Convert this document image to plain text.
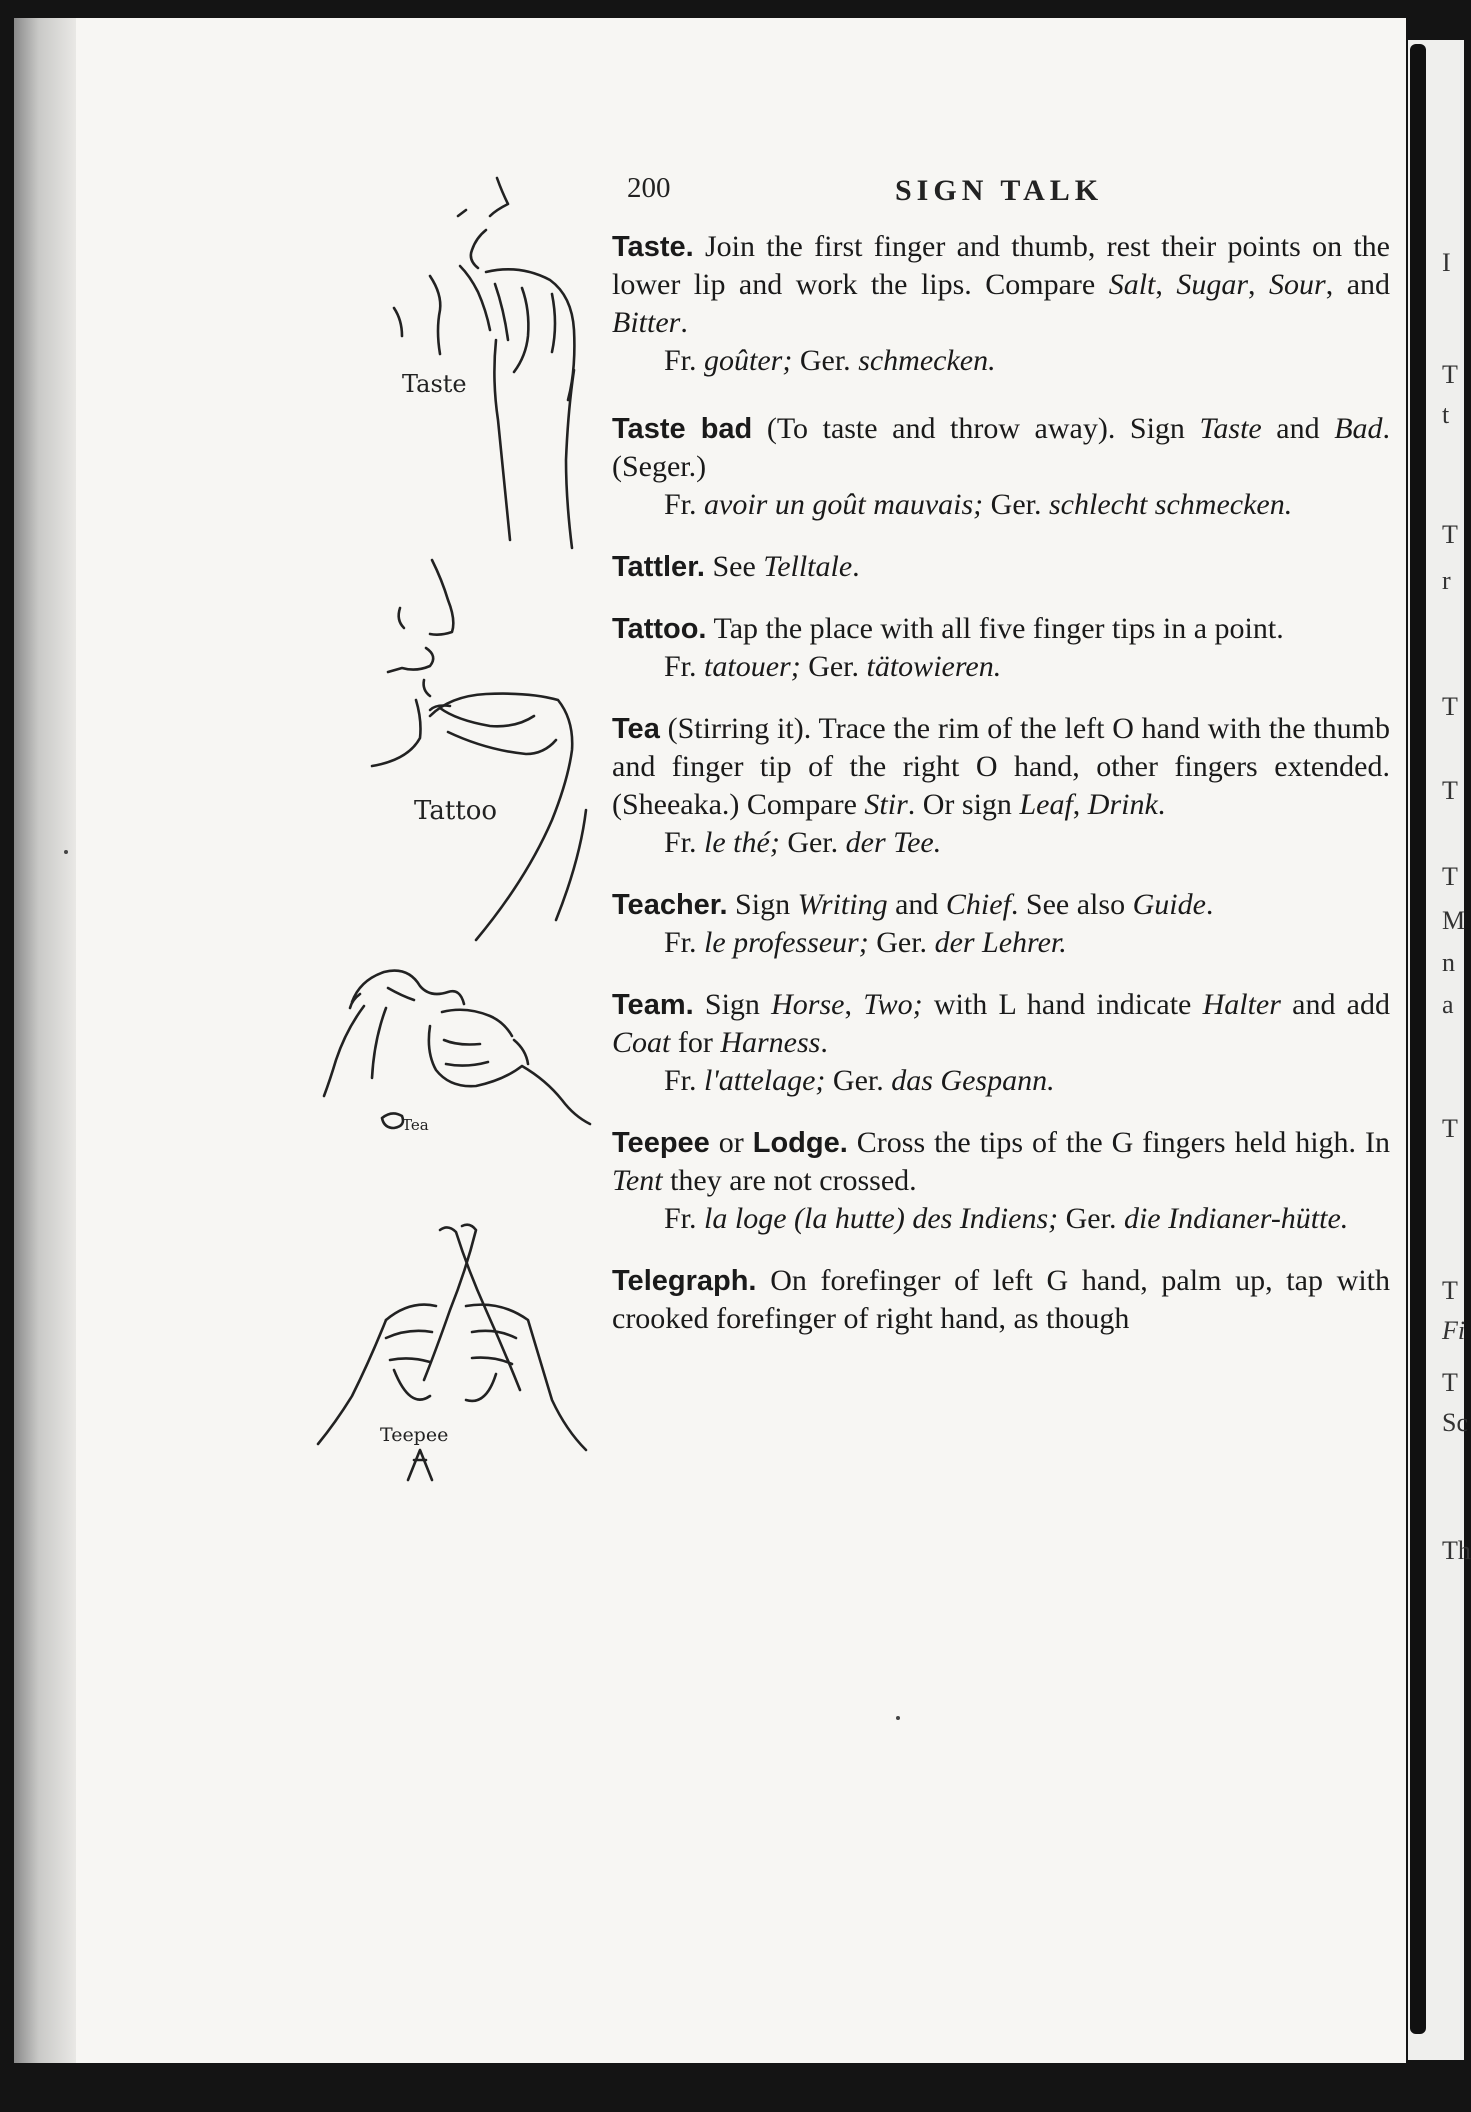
I
T
t
T
r
T
T
T
M
n
a
T
T
Fi
T
Sc
Th
200	SIGN TALK
Taste
Tattoo
Tea
Teepee

Taste. Join the first finger and thumb, rest their points on the lower lip and work the lips. Compare Salt, Sugar, Sour, and Bitter.

Fr. goûter; Ger. schmecken.

Taste bad (To taste and throw away). Sign Taste and Bad. (Seger.)

Fr. avoir un goût mauvais; Ger. schlecht schmecken.

Tattler. See Telltale.

Tattoo. Tap the place with all five finger tips in a point.

Fr. tatouer; Ger. tätowieren.

Tea (Stirring it). Trace the rim of the left O hand with the thumb and finger tip of the right O hand, other fingers extended. (Sheeaka.) Compare Stir. Or sign Leaf, Drink.

Fr. le thé; Ger. der Tee.

Teacher. Sign Writing and Chief. See also Guide.

Fr. le professeur; Ger. der Lehrer.

Team. Sign Horse, Two; with L hand indicate Halter and add Coat for Harness.

Fr. l'attelage; Ger. das Gespann.

Teepee or Lodge. Cross the tips of the G fingers held high. In Tent they are not crossed.

Fr. la loge (la hutte) des Indiens; Ger. die Indianer-hütte.

Telegraph. On forefinger of left G hand, palm up, tap with crooked forefinger of right hand, as though
